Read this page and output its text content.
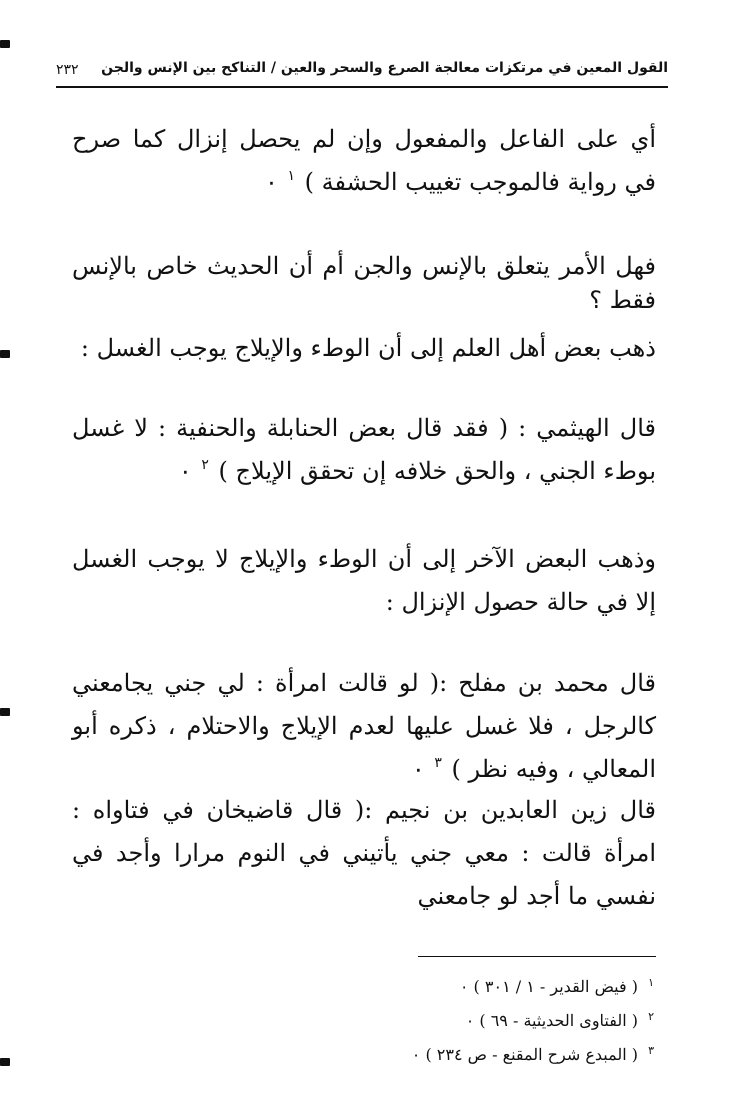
القول المعين في مرتكزات معالجة الصرع والسحر والعين / التناكح بين الإنس والجن
٢٣٢

أي على الفاعل والمفعول وإن لم يحصل إنزال كما صرح في رواية فالموجب تغييب الحشفة ) $^١$ ٠

فهل الأمر يتعلق بالإنس والجن أم أن الحديث خاص بالإنس فقط ؟

ذهب بعض أهل العلم إلى أن الوطء والإيلاج يوجب الغسل :

قال الهيثمي : ( فقد قال بعض الحنابلة والحنفية : لا غسل بوطء الجني ، والحق خلافه إن تحقق الإيلاج ) $^٢$ ٠

وذهب البعض الآخر إلى أن الوطء والإيلاج لا يوجب الغسل إلا في حالة حصول الإنزال :

قال محمد بن مفلح :( لو قالت امرأة : لي جني يجامعني كالرجل ، فلا غسل عليها لعدم الإيلاج والاحتلام ، ذكره أبو المعالي ، وفيه نظر ) $^٣$ ٠

قال زين العابدين بن نجيم :( قال قاضيخان في فتاواه : امرأة قالت : معي جني يأتيني في النوم مرارا وأجد في نفسي ما أجد لو جامعني

$^١$ ( فيض القدير - ١ / ٣٠١ ) ٠
$^٢$ ( الفتاوى الحديثية - ٦٩ ) ٠
$^٣$ ( المبدع شرح المقنع - ص ٢٣٤ ) ٠
